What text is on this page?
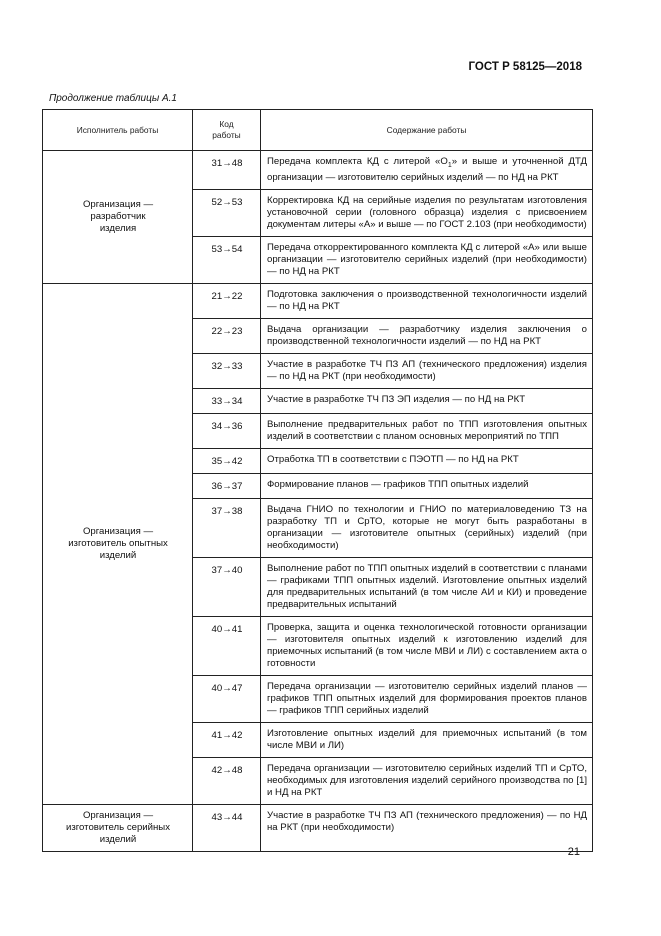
ГОСТ Р 58125—2018
Продолжение таблицы А.1
Исполнитель работы	Код работы	Содержание работы

Организация — разработчик изделия	31→48	Передача комплекта КД с литерой «$О_1$» и выше и уточненной ДТД организации — изготовителю серийных изделий — по НД на РКТ
	52→53	Корректировка КД на серийные изделия по результатам изготовления установочной серии (головного образца) изделия с присвоением документам литеры «А» и выше — по ГОСТ 2.103 (при необходимости)
	53→54	Передача откорректированного комплекта КД с литерой «А» или выше организации — изготовителю серийных изделий (при необходимости) — по НД на РКТ

Организация — изготовитель опытных изделий	21→22	Подготовка заключения о производственной технологичности изделий — по НД на РКТ
	22→23	Выдача организации — разработчику изделия заключения о производственной технологичности изделий — по НД на РКТ
	32→33	Участие в разработке ТЧ ПЗ АП (технического предложения) изделия — по НД на РКТ (при необходимости)
	33→34	Участие в разработке ТЧ ПЗ ЭП изделия — по НД на РКТ
	34→36	Выполнение предварительных работ по ТПП изготовления опытных изделий в соответствии с планом основных мероприятий по ТПП
	35→42	Отработка ТП в соответствии с ПЭОТП — по НД на РКТ
	36→37	Формирование планов — графиков ТПП опытных изделий
	37→38	Выдача ГНИО по технологии и ГНИО по материаловедению ТЗ на разработку ТП и СрТО, которые не могут быть разработаны в организации — изготовителе опытных (серийных) изделий (при необходимости)
	37→40	Выполнение работ по ТПП опытных изделий в соответствии с планами — графиками ТПП опытных изделий. Изготовление опытных изделий для предварительных испытаний (в том числе АИ и КИ) и проведение предварительных испытаний
	40→41	Проверка, защита и оценка технологической готовности организации — изготовителя опытных изделий к изготовлению изделий для приемочных испытаний (в том числе МВИ и ЛИ) с составлением акта о готовности
	40→47	Передача организации — изготовителю серийных изделий планов — графиков ТПП опытных изделий для формирования проектов планов — графиков ТПП серийных изделий
	41→42	Изготовление опытных изделий для приемочных испытаний (в том числе МВИ и ЛИ)
	42→48	Передача организации — изготовителю серийных изделий ТП и СрТО, необходимых для изготовления изделий серийного производства по [1] и НД на РКТ

Организация — изготовитель серийных изделий	43→44	Участие в разработке ТЧ ПЗ АП (технического предложения) — по НД на РКТ (при необходимости)
21
